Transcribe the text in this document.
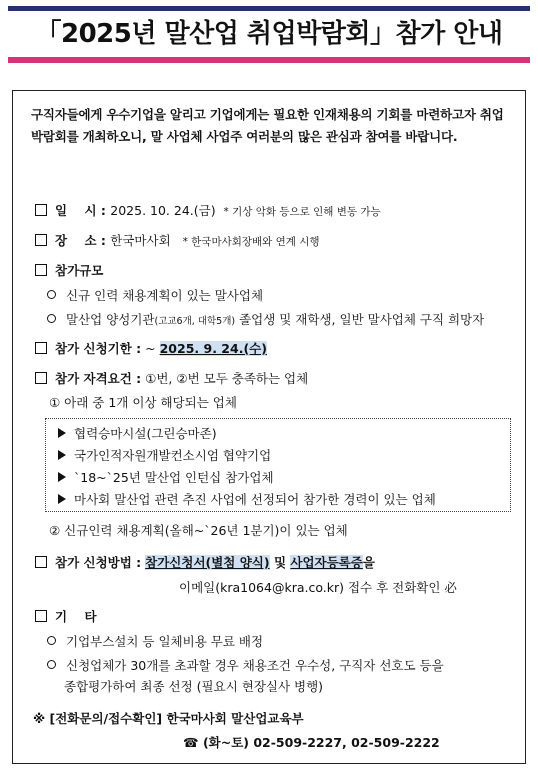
「2025년 말산업 취업박람회」참가 안내
구직자들에게 우수기업을 알리고 기업에게는 필요한 인재채용의 기회를 마련하고자 취업박람회를 개최하오니, 말 사업체 사업주 여러분의 많은 관심과 참여를 바랍니다.
일    시 : 2025. 10. 24.(금) * 기상 악화 등으로 인해 변동 가능
장    소 : 한국마사회 * 한국마사회장배와 연계 시행
참가규모
신규 인력 채용계획이 있는 말사업체
말산업 양성기관(고교6개, 대학5개) 졸업생 및 재학생, 일반 말사업체 구직 희망자
참가 신청기한 : ~ 2025. 9. 24.(수)
참가 자격요건 : ①번, ②번 모두 충족하는 업체
① 아래 중 1개 이상 해당되는 업체
협력승마시설(그린승마존)
국가인적자원개발컨소시엄 협약기업
`18~`25년 말산업 인턴십 참가업체
마사회 말산업 관련 추진 사업에 선정되어 참가한 경력이 있는 업체
② 신규인력 채용계획(올해~`26년 1분기)이 있는 업체
참가 신청방법 : 참가신청서(별첨 양식) 및 사업자등록증을
이메일(kra1064@kra.co.kr) 접수 후 전화확인 必
기    타
기업부스설치 등 일체비용 무료 배정
신청업체가 30개를 초과할 경우 채용조건 우수성, 구직자 선호도 등을
종합평가하여 최종 선정 (필요시 현장실사 병행)
※ [전화문의/접수확인] 한국마사회 말산업교육부
☎ (화~토) 02-509-2227, 02-509-2222
